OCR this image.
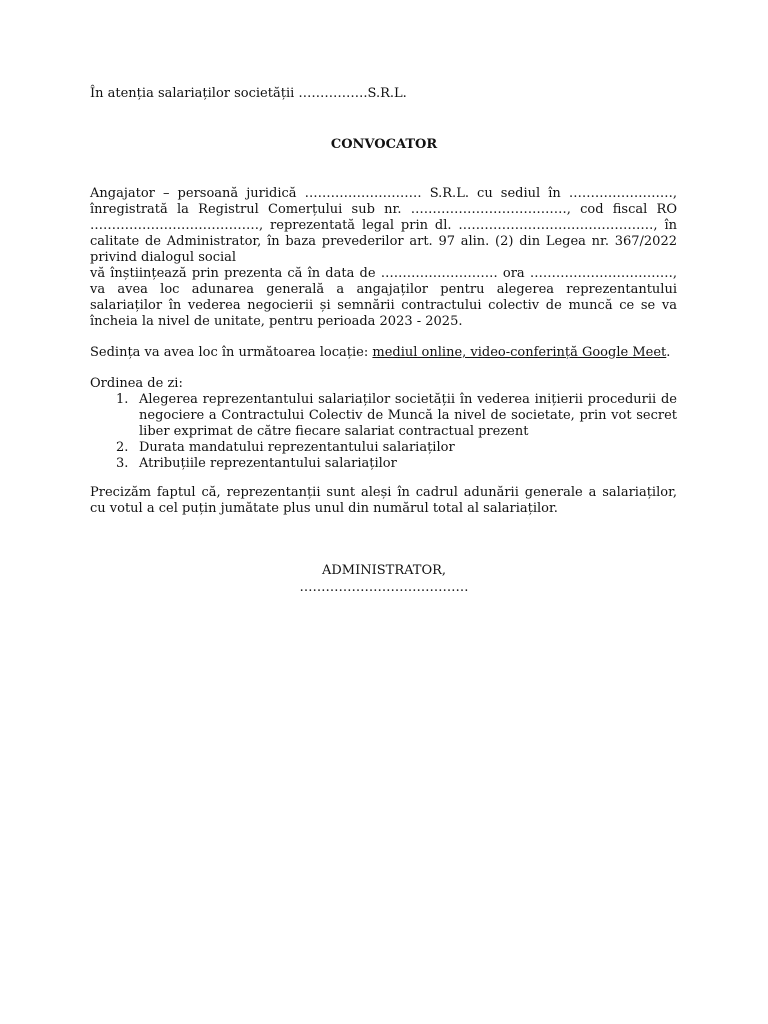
În atenția salariaților societății …………….S.R.L.
CONVOCATOR
Angajator – persoană juridică ……………………… S.R.L. cu sediul în ……………………, înregistrată la Registrul Comerțului sub nr. ………………………………, cod fiscal RO …………………………………, reprezentată legal prin dl. ………………………………………, în calitate de Administrator, în baza prevederilor art. 97 alin. (2) din Legea nr. 367/2022 privind dialogul social
vă înștiințează prin prezenta că în data de ……………………… ora ……………………………, va avea loc adunarea generală a angajaților pentru alegerea reprezentantului salariaților în vederea negocierii și semnării contractului colectiv de muncă ce se va încheia la nivel de unitate, pentru perioada 2023 - 2025.
Sedința va avea loc în următoarea locație: mediul online, video-conferință Google Meet.
Ordinea de zi:
1. Alegerea reprezentantului salariaților societății în vederea inițierii procedurii de negociere a Contractului Colectiv de Muncă la nivel de societate, prin vot secret liber exprimat de către fiecare salariat contractual prezent
2. Durata mandatului reprezentantului salariaților
3. Atribuțiile reprezentantului salariaților
Precizăm faptul că, reprezentanții sunt aleși în cadrul adunării generale a salariaților, cu votul a cel puțin jumătate plus unul din numărul total al salariaților.
ADMINISTRATOR,
…………………………………
